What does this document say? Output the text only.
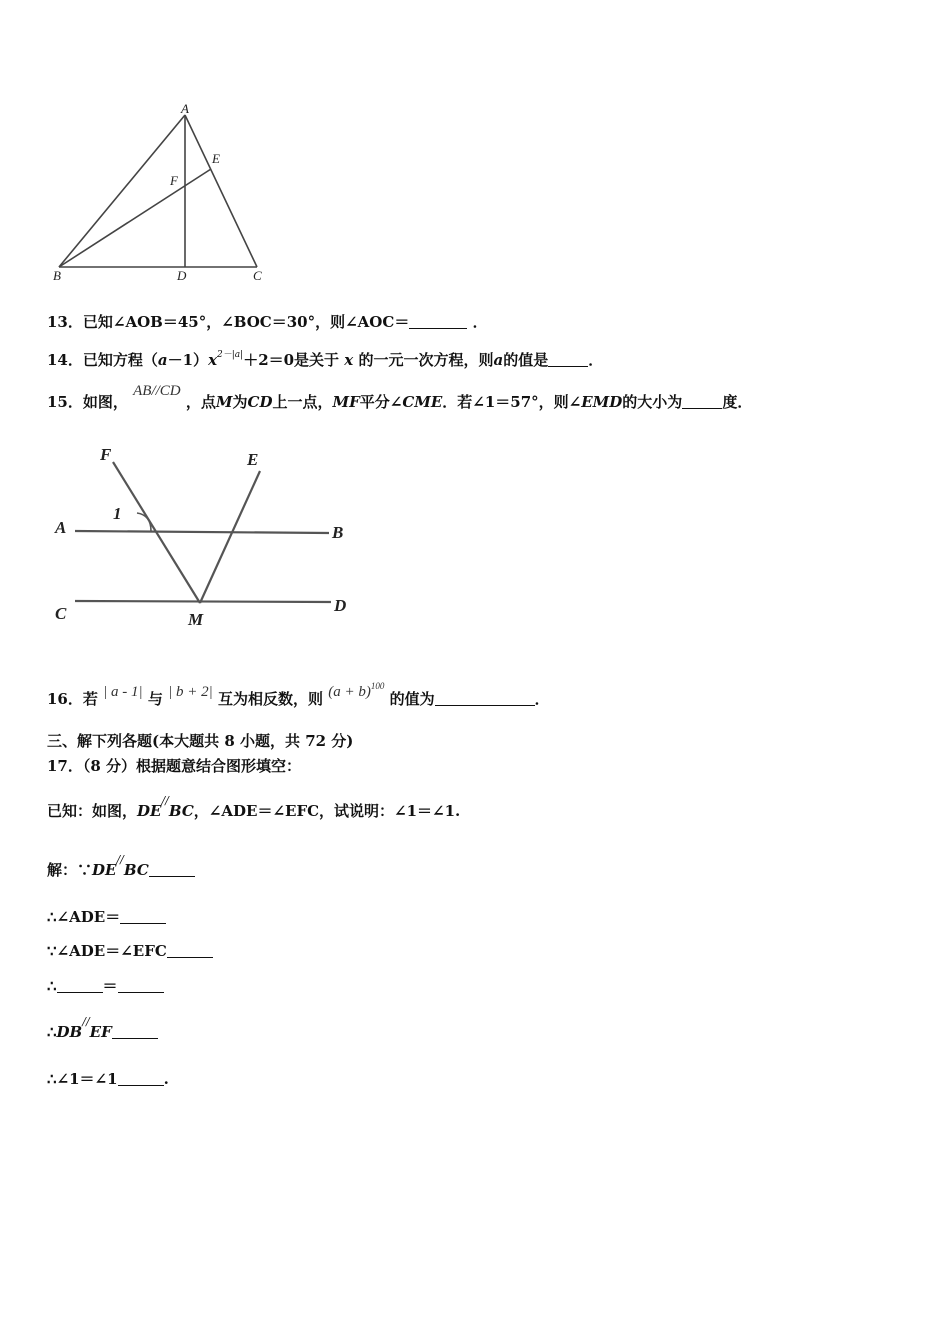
A
E
F
B	D	C
13．已知∠AOB＝45°，∠BOC＝30°，则∠AOC＝	．
14．已知方程$(a-1)x^{2-|a|}+2=0$是关于 x 的一元一次方程，则a的值是	．
15．如图， AB//CD ，点M为CD上一点，MF平分∠CME．若∠1＝57°，则∠EMD的大小为	度．
F	E
A	B
C	D
M
1
16．若 | a - 1| 与 | b + 2| 互为相反数，则 $(a + b)^{100}$ 的值为	．
三、解下列各题(本大题共 8 小题，共 72 分)
17．（8 分）根据题意结合图形填空：
已知：如图，DE//BC，∠ADE＝∠EFC，试说明：∠1＝∠1.
解：∵DE//BC
∴∠ADE＝
∵∠ADE＝∠EFC
∴	＝
∴DB//EF
∴∠1＝∠1	.
